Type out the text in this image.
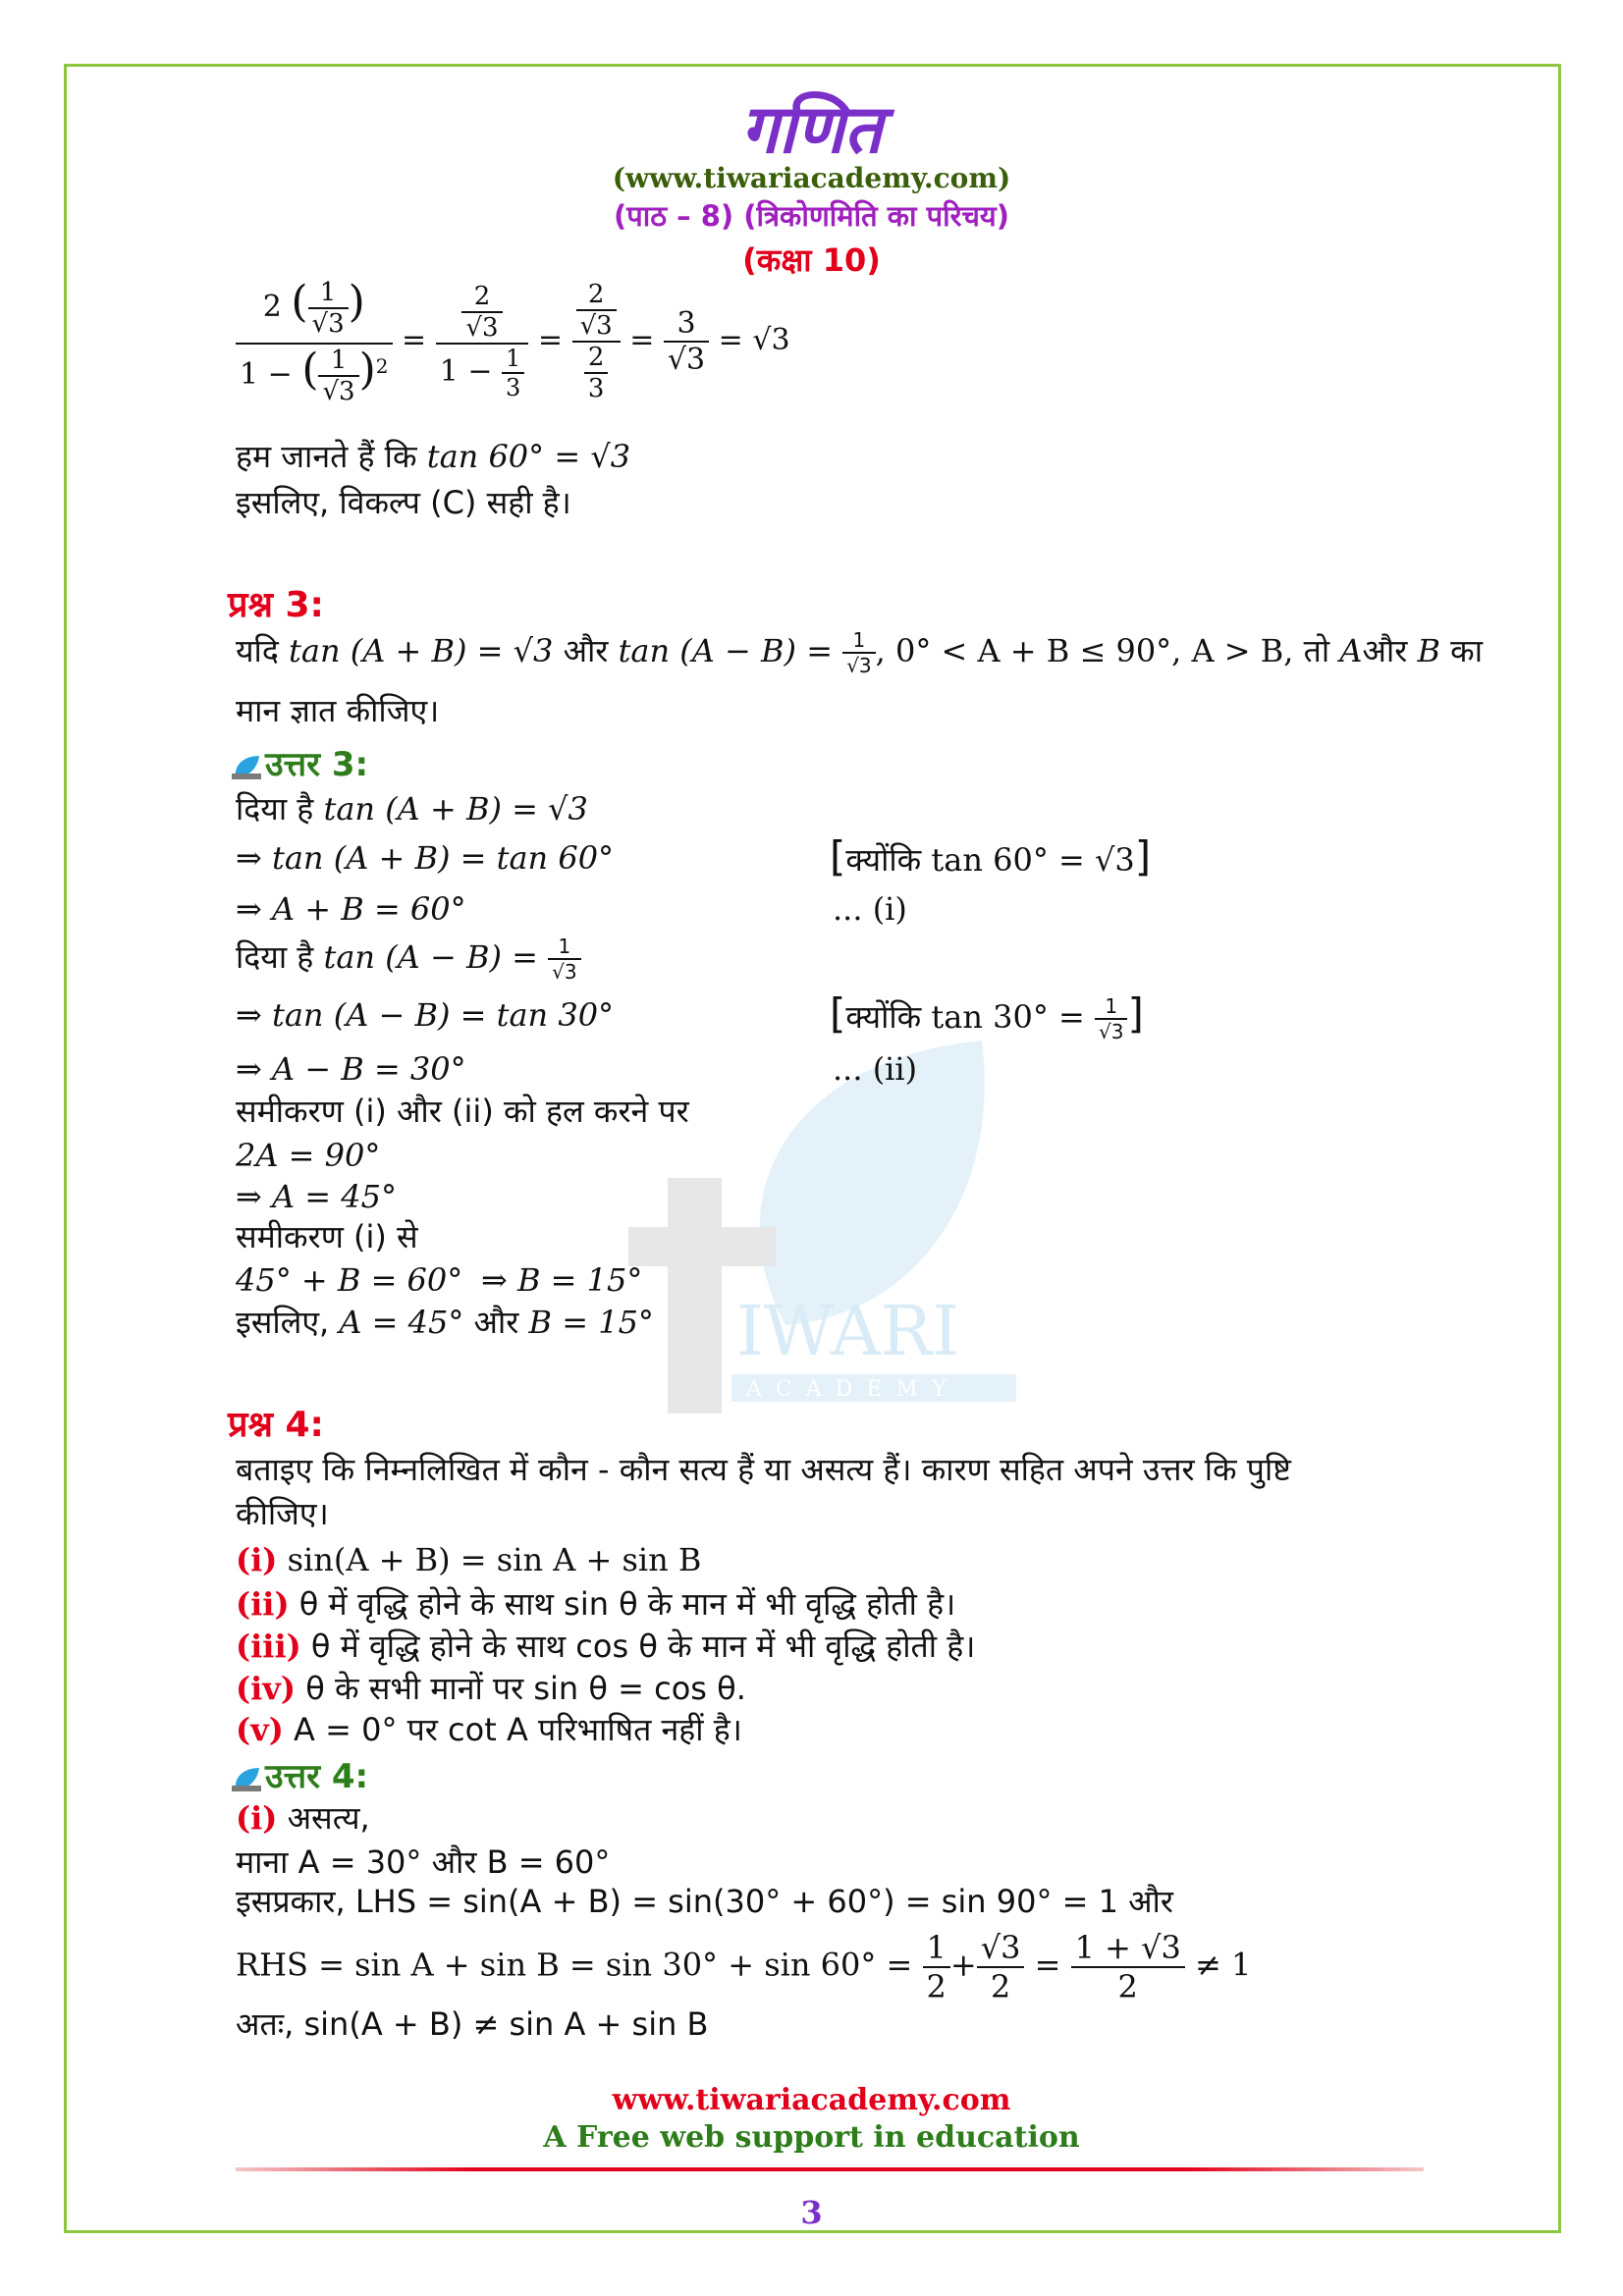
IWARI
ACADEMY
गणित
(www.tiwariacademy.com)
(पाठ – 8) (त्रिकोणमिति का परिचय)
(कक्षा 10)
$\frac{2 ( \frac{1}{√3} )}{1 - ( \frac{1}{√3} )^2} = \frac{\frac{2}{√3}}{1 - \frac{1}{3}} = \frac{\frac{2}{√3}}{\frac{2}{3}} = \frac{3}{√3} = √3$
हम जानते हैं कि tan 60° = √3
इसलिए, विकल्प (C) सही है।
प्रश्न 3:
यदि tan (A + B) = √3 और $\tan (A - B) = \frac{1}{√3}$ , 0° < A + B ≤ 90°, A > B, तो Aऔर B का
मान ज्ञात कीजिए।
उत्तर 3:
दिया है tan (A + B) = √3
⇒ tan (A + B) = tan 60°	[क्योंकि tan 60° = √3]
⇒ A + B = 60°	... (i)
दिया है $\tan (A - B) = \frac{1}{√3}$
⇒ tan (A − B) = tan 30°	[क्योंकि $\tan 30^\circ = \frac{1}{√3}$ ]
⇒ A − B = 30°	... (ii)
समीकरण (i) और (ii) को हल करने पर
2A = 90°
⇒ A = 45°
समीकरण (i) से
45° + B = 60° ⇒ B = 15°
इसलिए, A = 45° और B = 15°
प्रश्न 4:
बताइए कि निम्नलिखित में कौन - कौन सत्य हैं या असत्य हैं। कारण सहित अपने उत्तर कि पुष्टि
कीजिए।
(i) sin(A + B) = sin A + sin B
(ii) θ में वृद्धि होने के साथ sin θ के मान में भी वृद्धि होती है।
(iii) θ में वृद्धि होने के साथ cos θ के मान में भी वृद्धि होती है।
(iv) θ के सभी मानों पर sin θ = cos θ.
(v) A = 0° पर cot A परिभाषित नहीं है।
उत्तर 4:
(i) असत्य,
माना A = 30° और B = 60°
इसप्रकार, LHS = sin(A + B) = sin(30° + 60°) = sin 90° = 1 और
RHS = $\sin A + \sin B = \sin 30^\circ + \sin 60^\circ = \frac{1}{2} + \frac{√3}{2} = \frac{1 + √3}{2} \ne 1$
अतः, sin(A + B) ≠ sin A + sin B
www.tiwariacademy.com
A Free web support in education
3
